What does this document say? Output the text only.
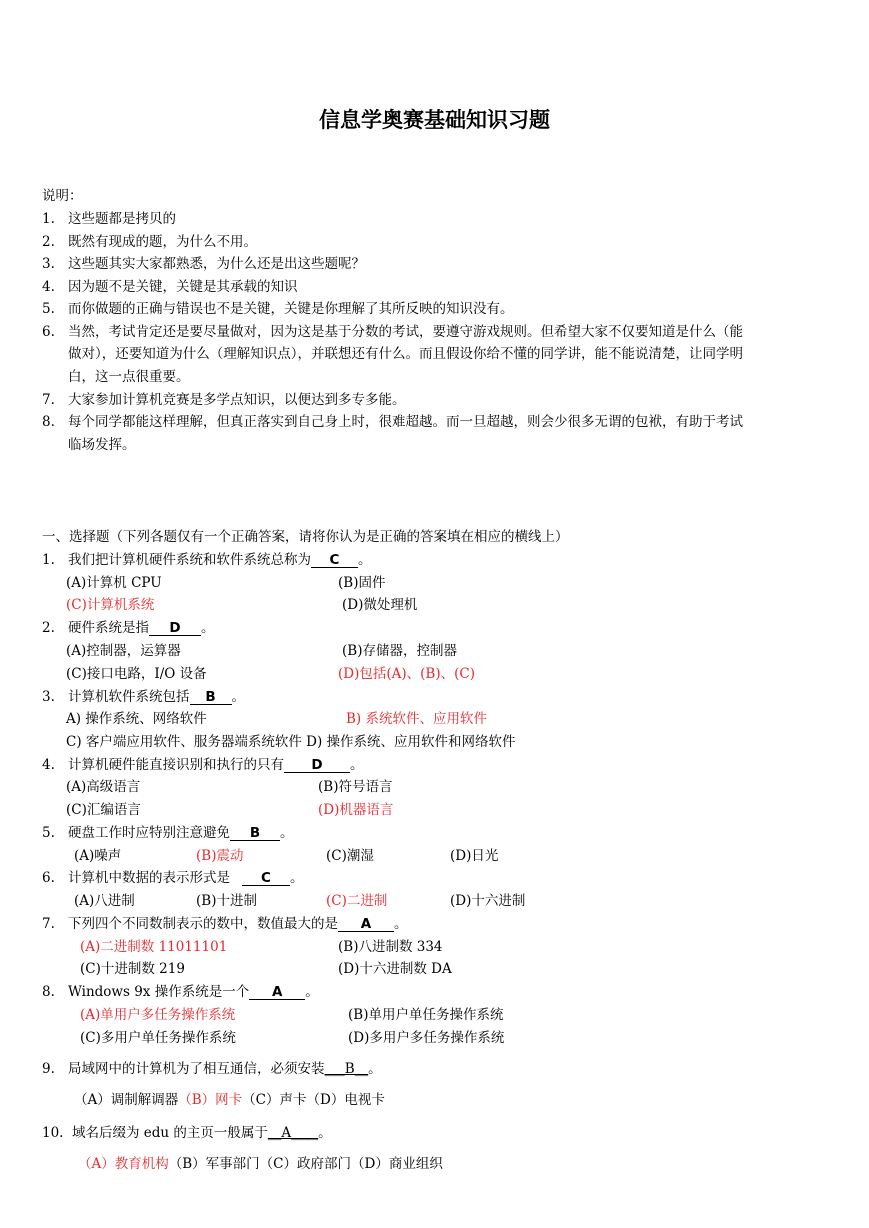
信息学奥赛基础知识习题
说明：
1. 这些题都是拷贝的
2. 既然有现成的题，为什么不用。
3. 这些题其实大家都熟悉，为什么还是出这些题呢？
4. 因为题不是关键，关键是其承载的知识
5. 而你做题的正确与错误也不是关键，关键是你理解了其所反映的知识没有。
6. 当然，考试肯定还是要尽量做对，因为这是基于分数的考试，要遵守游戏规则。但希望大家不仅要知道是什么（能
做对），还要知道为什么（理解知识点），并联想还有什么。而且假设你给不懂的同学讲，能不能说清楚，让同学明
白，这一点很重要。
7. 大家参加计算机竞赛是多学点知识，以便达到多专多能。
8. 每个同学都能这样理解，但真正落实到自己身上时，很难超越。而一旦超越，则会少很多无谓的包袱，有助于考试
临场发挥。
一、选择题（下列各题仅有一个正确答案，请将你认为是正确的答案填在相应的横线上）
1. 我们把计算机硬件系统和软件系统总称为 C 。
(A)计算机 CPU	(B)固件
(C)计算机系统	(D)微处理机
2. 硬件系统是指 D 。
(A)控制器，运算器	(B)存储器，控制器
(C)接口电路，I/O 设备	(D)包括(A)、(B)、(C)
3. 计算机软件系统包括 B 。
A) 操作系统、网络软件	B) 系统软件、应用软件
C) 客户端应用软件、服务器端系统软件 D) 操作系统、应用软件和网络软件
4. 计算机硬件能直接识别和执行的只有 D 。
(A)高级语言	(B)符号语言
(C)汇编语言	(D)机器语言
5. 硬盘工作时应特别注意避免 B 。
(A)噪声	(B)震动	(C)潮湿	(D)日光
6. 计算机中数据的表示形式是 C 。
(A)八进制	(B)十进制	(C)二进制	(D)十六进制
7. 下列四个不同数制表示的数中，数值最大的是 A 。
(A)二进制数 11011101	(B)八进制数 334
(C)十进制数 219	(D)十六进制数 DA
8. Windows 9x 操作系统是一个 A 。
(A)单用户多任务操作系统	(B)单用户单任务操作系统
(C)多用户单任务操作系统	(D)多用户多任务操作系统
9. 局域网中的计算机为了相互通信，必须安装___B__。
（A）调制解调器（B）网卡（C）声卡（D）电视卡
10. 域名后缀为 edu 的主页一般属于__A____。
（A）教育机构（B）军事部门（C）政府部门（D）商业组织
